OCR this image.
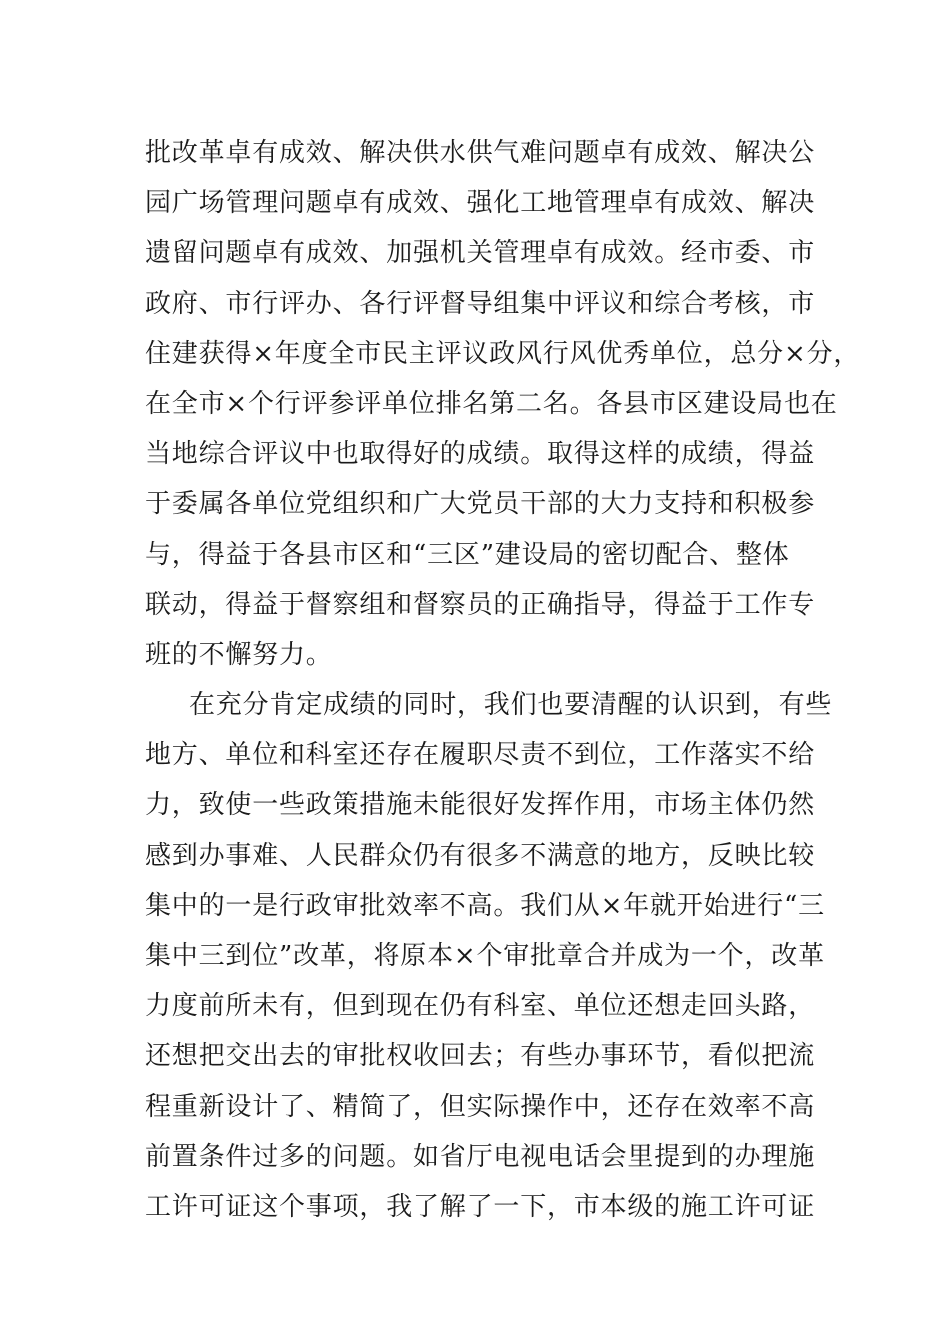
批改革卓有成效、解决供水供气难问题卓有成效、解决公
园广场管理问题卓有成效、强化工地管理卓有成效、解决
遗留问题卓有成效、加强机关管理卓有成效。经市委、市
政府、市行评办、各行评督导组集中评议和综合考核，市
住建获得×年度全市民主评议政风行风优秀单位，总分×分，
在全市×个行评参评单位排名第二名。各县市区建设局也在
当地综合评议中也取得好的成绩。取得这样的成绩，得益
于委属各单位党组织和广大党员干部的大力支持和积极参
与，得益于各县市区和“三区”建设局的密切配合、整体
联动，得益于督察组和督察员的正确指导，得益于工作专
班的不懈努力。
在充分肯定成绩的同时，我们也要清醒的认识到，有些
地方、单位和科室还存在履职尽责不到位，工作落实不给
力，致使一些政策措施未能很好发挥作用，市场主体仍然
感到办事难、人民群众仍有很多不满意的地方，反映比较
集中的一是行政审批效率不高。我们从×年就开始进行“三
集中三到位”改革，将原本×个审批章合并成为一个，改革
力度前所未有，但到现在仍有科室、单位还想走回头路，
还想把交出去的审批权收回去；有些办事环节，看似把流
程重新设计了、精简了，但实际操作中，还存在效率不高
前置条件过多的问题。如省厅电视电话会里提到的办理施
工许可证这个事项，我了解了一下，市本级的施工许可证
